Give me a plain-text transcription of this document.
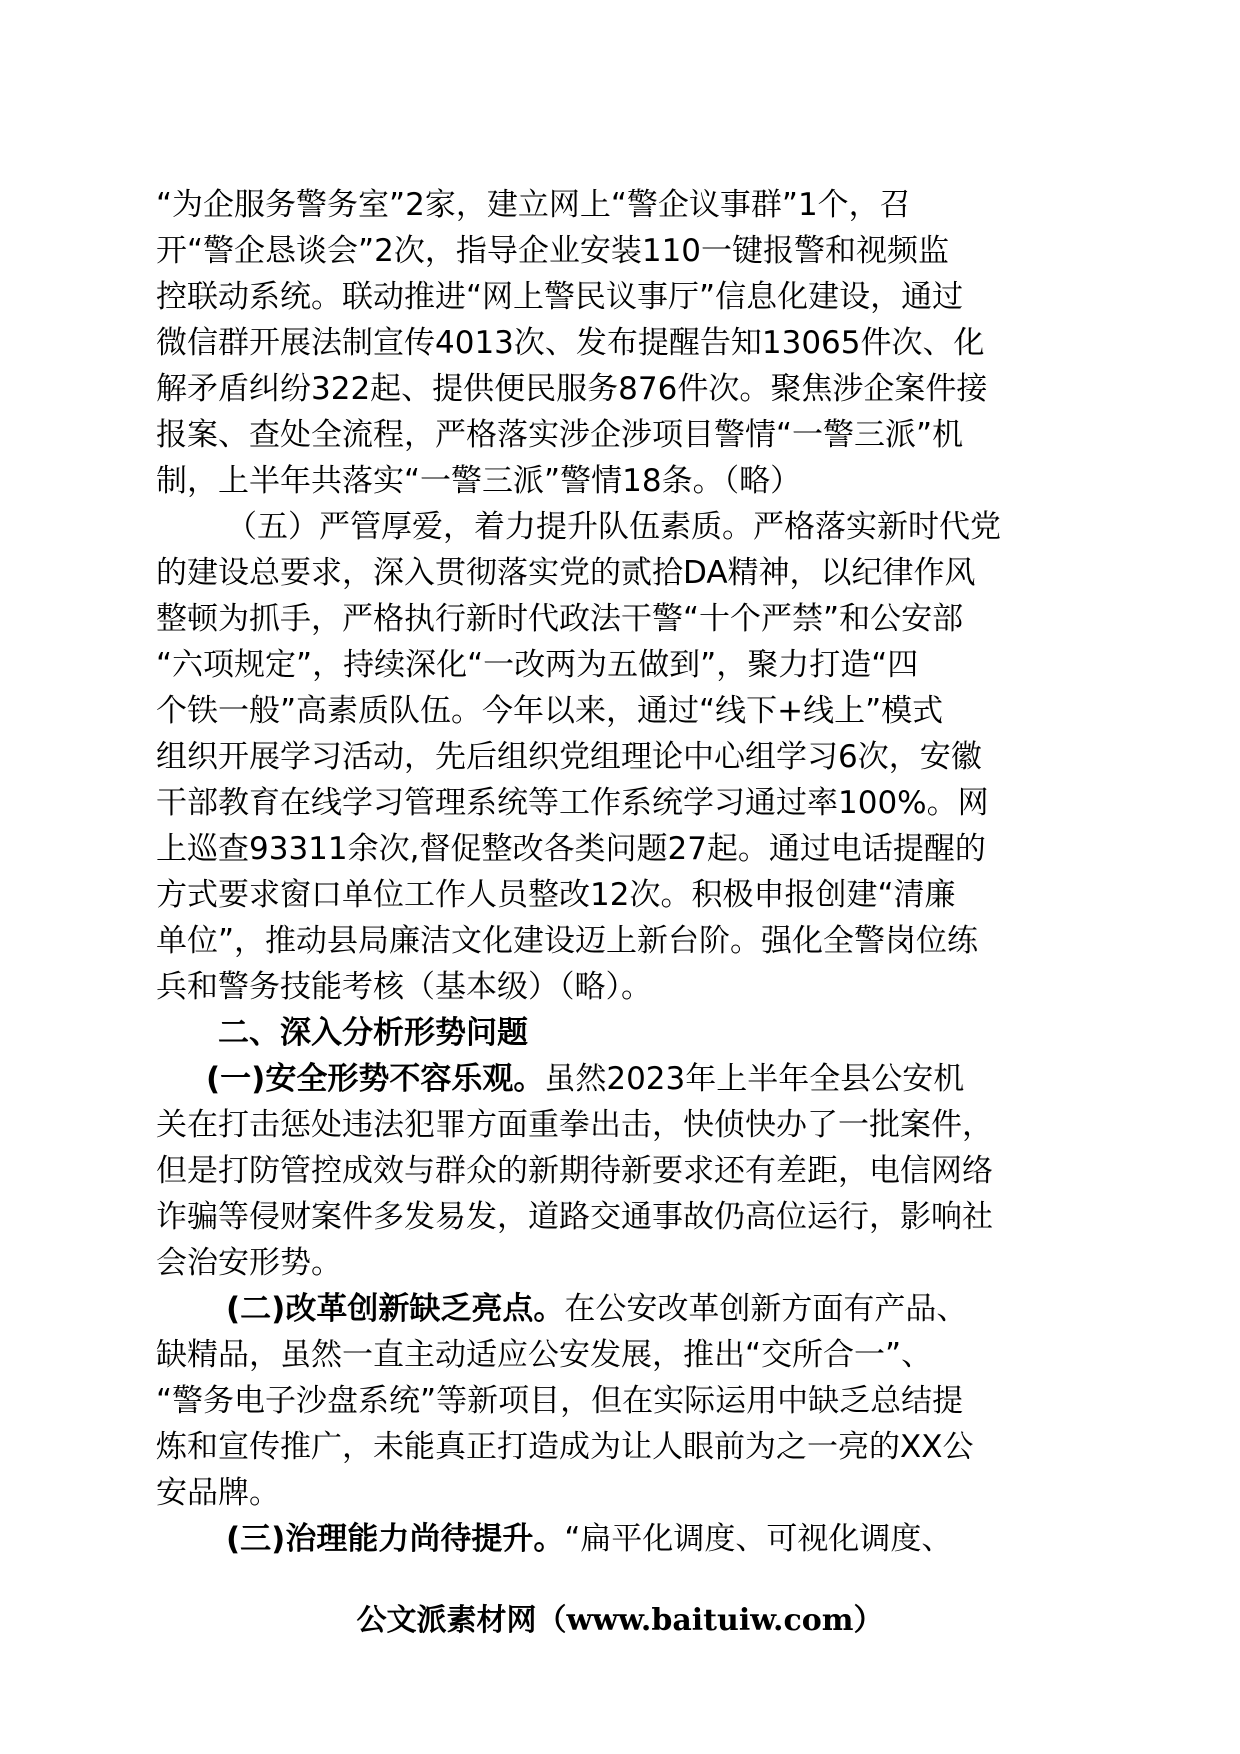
“为企服务警务室”2家，建立网上“警企议事群”1个，召
开“警企恳谈会”2次，指导企业安装110一键报警和视频监
控联动系统。联动推进“网上警民议事厅”信息化建设，通过
微信群开展法制宣传4013次、发布提醒告知13065件次、化
解矛盾纠纷322起、提供便民服务876件次。聚焦涉企案件接
报案、查处全流程，严格落实涉企涉项目警情“一警三派”机
制，上半年共落实“一警三派”警情18条。（略）
（五）严管厚爱，着力提升队伍素质。严格落实新时代党
的建设总要求，深入贯彻落实党的贰拾DA精神，以纪律作风
整顿为抓手，严格执行新时代政法干警“十个严禁”和公安部
“六项规定”，持续深化“一改两为五做到”，聚力打造“四
个铁一般”高素质队伍。今年以来，通过“线下+线上”模式
组织开展学习活动，先后组织党组理论中心组学习6次，安徽
干部教育在线学习管理系统等工作系统学习通过率100%。网
上巡查93311余次,督促整改各类问题27起。通过电话提醒的
方式要求窗口单位工作人员整改12次。积极申报创建“清廉
单位”，推动县局廉洁文化建设迈上新台阶。强化全警岗位练
兵和警务技能考核（基本级）（略）。
二、深入分析形势问题
(一)安全形势不容乐观。虽然2023年上半年全县公安机
关在打击惩处违法犯罪方面重拳出击，快侦快办了一批案件，
但是打防管控成效与群众的新期待新要求还有差距，电信网络
诈骗等侵财案件多发易发，道路交通事故仍高位运行，影响社
会治安形势。
(二)改革创新缺乏亮点。在公安改革创新方面有产品、
缺精品，虽然一直主动适应公安发展，推出“交所合一”、
“警务电子沙盘系统”等新项目，但在实际运用中缺乏总结提
炼和宣传推广，未能真正打造成为让人眼前为之一亮的XX公
安品牌。
(三)治理能力尚待提升。“扁平化调度、可视化调度、
公文派素材网（www.baituiw.com）
